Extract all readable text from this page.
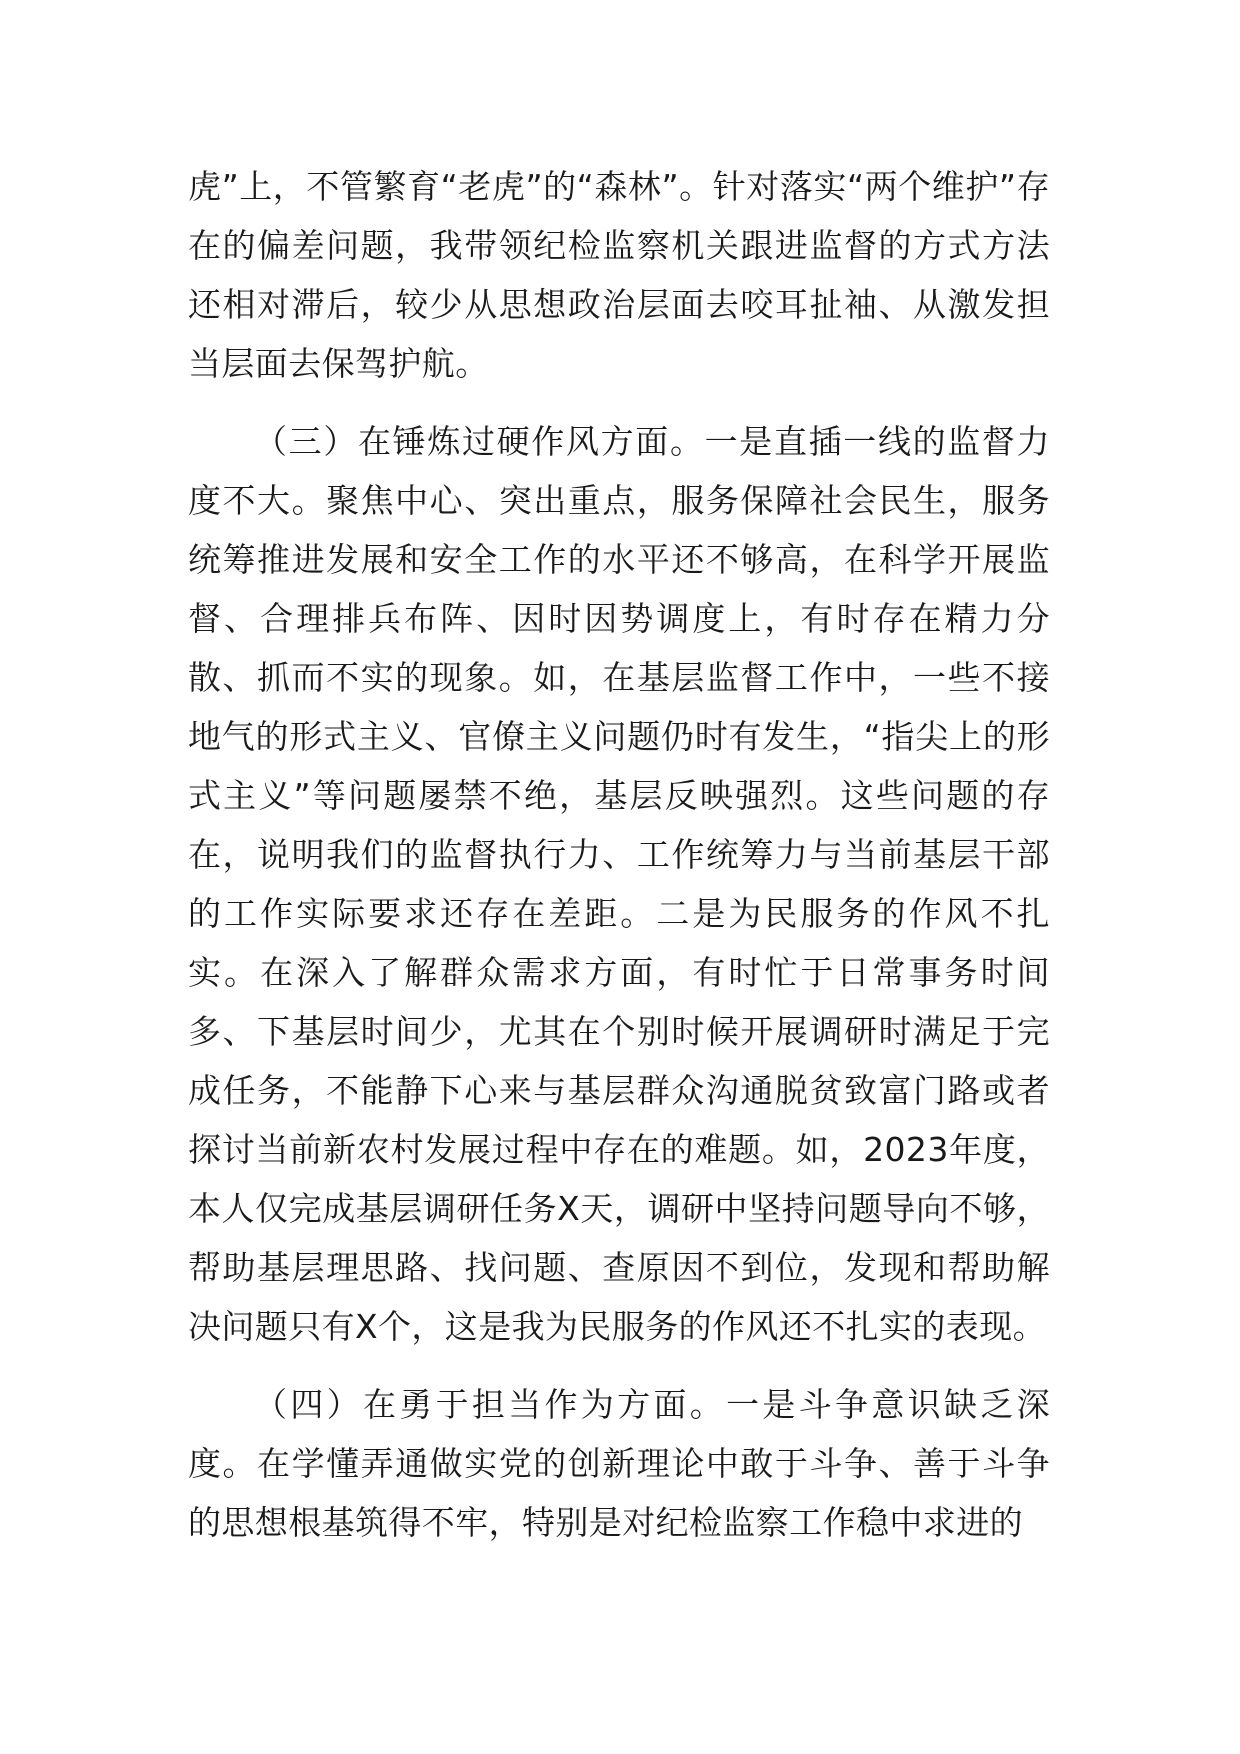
虎”上，不管繁育“老虎”的“森林”。针对落实“两个维护”存在的偏差问题，我带领纪检监察机关跟进监督的方式方法还相对滞后，较少从思想政治层面去咬耳扯袖、从激发担当层面去保驾护航。

（三）在锤炼过硬作风方面。一是直插一线的监督力度不大。聚焦中心、突出重点，服务保障社会民生，服务统筹推进发展和安全工作的水平还不够高，在科学开展监督、合理排兵布阵、因时因势调度上，有时存在精力分散、抓而不实的现象。如，在基层监督工作中，一些不接地气的形式主义、官僚主义问题仍时有发生，“指尖上的形式主义”等问题屡禁不绝，基层反映强烈。这些问题的存在，说明我们的监督执行力、工作统筹力与当前基层干部的工作实际要求还存在差距。二是为民服务的作风不扎实。在深入了解群众需求方面，有时忙于日常事务时间多、下基层时间少，尤其在个别时候开展调研时满足于完成任务，不能静下心来与基层群众沟通脱贫致富门路或者探讨当前新农村发展过程中存在的难题。如，2023年度，本人仅完成基层调研任务X天，调研中坚持问题导向不够，帮助基层理思路、找问题、查原因不到位，发现和帮助解决问题只有X个，这是我为民服务的作风还不扎实的表现。

（四）在勇于担当作为方面。一是斗争意识缺乏深度。在学懂弄通做实党的创新理论中敢于斗争、善于斗争的思想根基筑得不牢，特别是对纪检监察工作稳中求进的
